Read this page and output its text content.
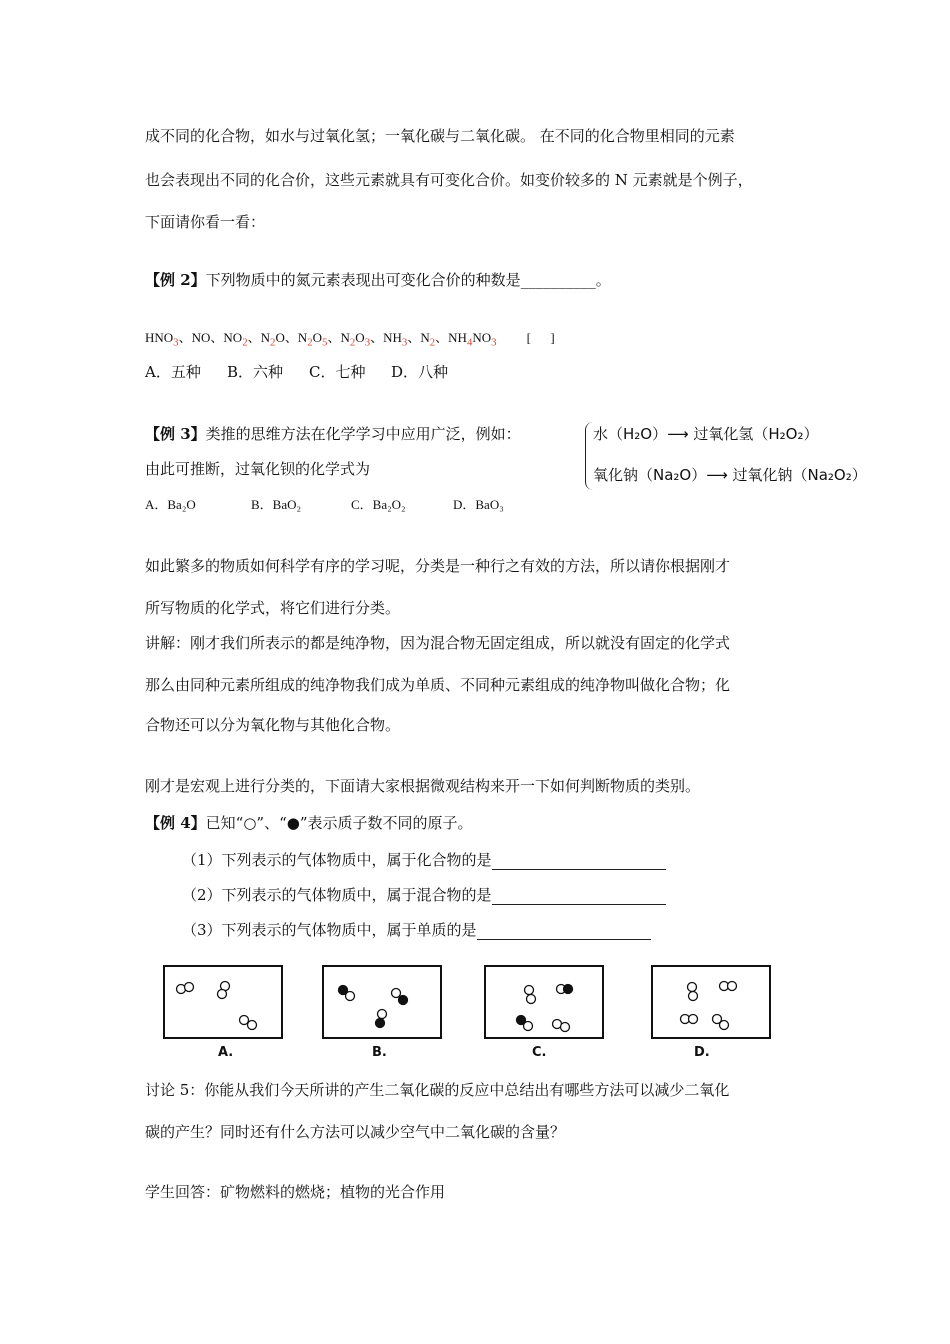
成不同的化合物，如水与过氧化氢；一氧化碳与二氧化碳。 在不同的化合物里相同的元素
也会表现出不同的化合价，这些元素就具有可变化合价。如变价较多的 N 元素就是个例子，
下面请你看一看：
【例 2】下列物质中的氮元素表现出可变化合价的种数是__________。
$HNO_3$、NO、$NO_2$、$N_2O$、$N_2O_5$、$N_2O_3$、$NH_3$、$N_2$、$NH_4NO_3$ [      ]
A．五种 B．六种 C．七种 D．八种
【例 3】类推的思维方法在化学学习中应用广泛，例如：
由此可推断，过氧化钡的化学式为
水（H₂O）⟶ 过氧化氢（H₂O₂）
氧化钠（Na₂O）⟶ 过氧化钠（Na₂O₂）
A．Ba₂O	B．BaO₂	C．Ba₂O₂	D．BaO₃
如此繁多的物质如何科学有序的学习呢，分类是一种行之有效的方法，所以请你根据刚才
所写物质的化学式，将它们进行分类。
讲解：刚才我们所表示的都是纯净物，因为混合物无固定组成，所以就没有固定的化学式
那么由同种元素所组成的纯净物我们成为单质、不同种元素组成的纯净物叫做化合物；化
合物还可以分为氧化物与其他化合物。
刚才是宏观上进行分类的，下面请大家根据微观结构来开一下如何判断物质的类别。
【例 4】已知“○”、“●”表示质子数不同的原子。
（1）下列表示的气体物质中，属于化合物的是
（2）下列表示的气体物质中，属于混合物的是
（3）下列表示的气体物质中，属于单质的是
A.	B.	C.	D.
讨论 5：你能从我们今天所讲的产生二氧化碳的反应中总结出有哪些方法可以减少二氧化
碳的产生？同时还有什么方法可以减少空气中二氧化碳的含量？
学生回答：矿物燃料的燃烧；植物的光合作用
